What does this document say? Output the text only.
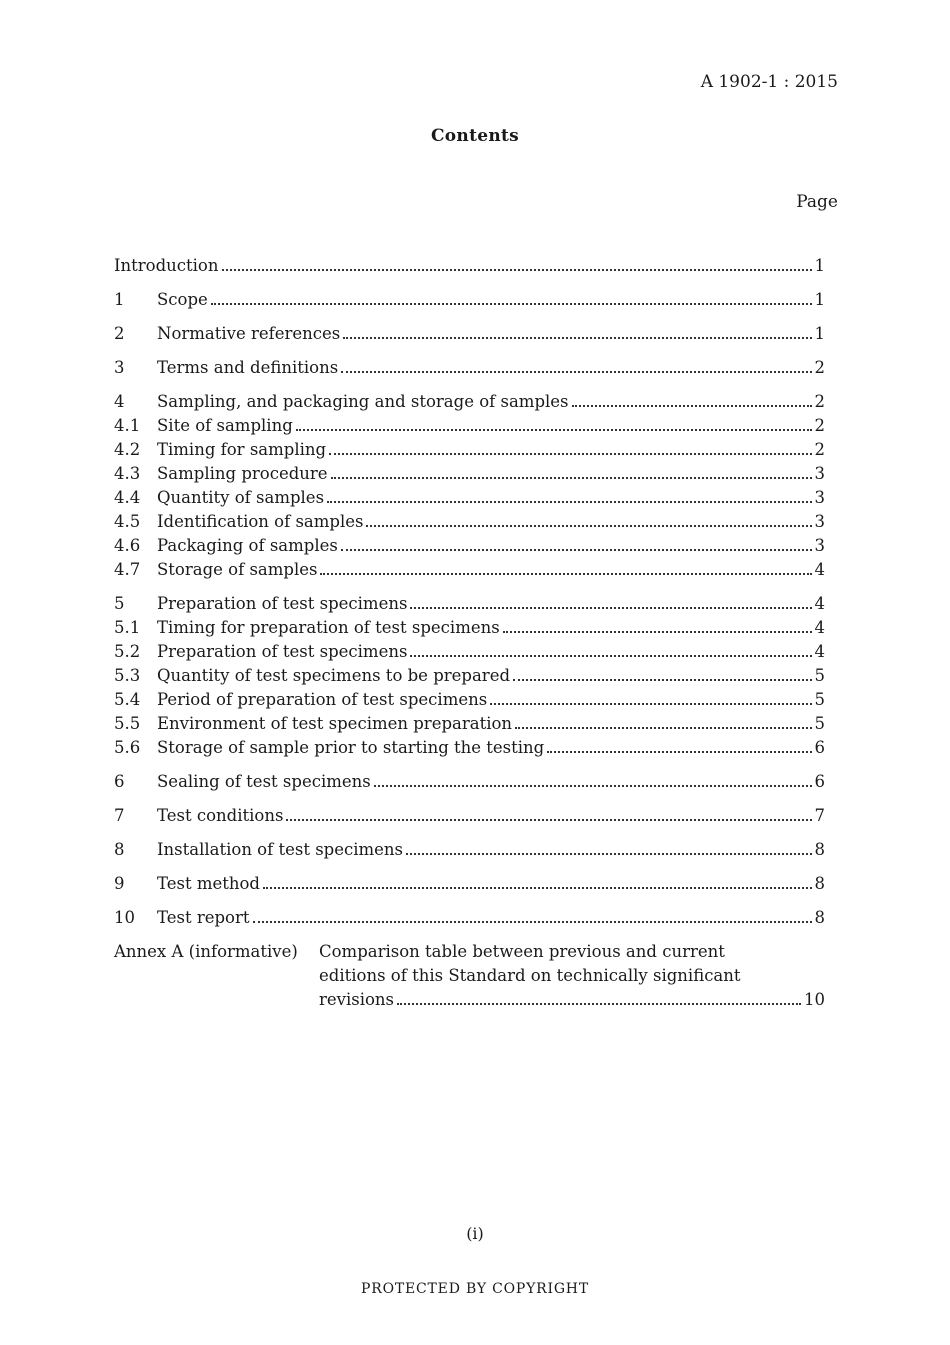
A 1902-1 : 2015
Contents
Page
Introduction	1
1	Scope	1
2	Normative references	1
3	Terms and definitions	2
4	Sampling, and packaging and storage of samples	2
4.1	Site of sampling	2
4.2	Timing for sampling	2
4.3	Sampling procedure	3
4.4	Quantity of samples	3
4.5	Identification of samples	3
4.6	Packaging of samples	3
4.7	Storage of samples	4
5	Preparation of test specimens	4
5.1	Timing for preparation of test specimens	4
5.2	Preparation of test specimens	4
5.3	Quantity of test specimens to be prepared	5
5.4	Period of preparation of test specimens	5
5.5	Environment of test specimen preparation	5
5.6	Storage of sample prior to starting the testing	6
6	Sealing of test specimens	6
7	Test conditions	7
8	Installation of test specimens	8
9	Test method	8
10	Test report	8
Annex A (informative)	Comparison table between previous and current
editions of this Standard on technically significant
revisions	10
(i)
PROTECTED BY COPYRIGHT
